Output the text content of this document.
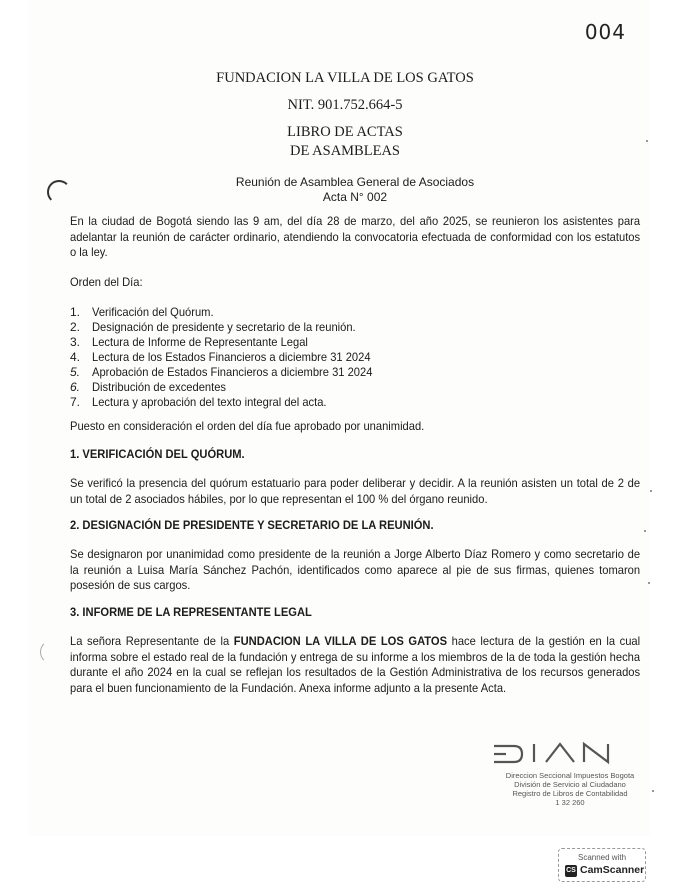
004
FUNDACION LA VILLA DE LOS GATOS
NIT. 901.752.664-5
LIBRO DE ACTAS
DE ASAMBLEAS
Reunión de Asamblea General de Asociados
Acta N° 002
En la ciudad de Bogotá siendo las 9 am, del día 28 de marzo, del año 2025, se reunieron los asistentes para adelantar la reunión de carácter ordinario, atendiendo la convocatoria efectuada de conformidad con los estatutos o la ley.
Orden del Día:
1. Verificación del Quórum.
2. Designación de presidente y secretario de la reunión.
3. Lectura de Informe de Representante Legal
4. Lectura de los Estados Financieros a diciembre 31 2024
5. Aprobación de Estados Financieros a diciembre 31 2024
6. Distribución de excedentes
7. Lectura y aprobación del texto integral del acta.
Puesto en consideración el orden del día fue aprobado por unanimidad.
1. VERIFICACIÓN DEL QUÓRUM.
Se verificó la presencia del quórum estatuario para poder deliberar y decidir. A la reunión asisten un total de 2 de un total de 2 asociados hábiles, por lo que representan el 100 % del órgano reunido.
2. DESIGNACIÓN DE PRESIDENTE Y SECRETARIO DE LA REUNIÓN.
Se designaron por unanimidad como presidente de la reunión a Jorge Alberto Díaz Romero y como secretario de la reunión a Luisa María Sánchez Pachón, identificados como aparece al pie de sus firmas, quienes tomaron posesión de sus cargos.
3. INFORME DE LA REPRESENTANTE LEGAL
La señora Representante de la FUNDACION LA VILLA DE LOS GATOS hace lectura de la gestión en la cual informa sobre el estado real de la fundación y entrega de su informe a los miembros de la de toda la gestión hecha durante el año 2024 en la cual se reflejan los resultados de la Gestión Administrativa de los recursos generados para el buen funcionamiento de la Fundación. Anexa informe adjunto a la presente Acta.
Direccion Seccional Impuestos Bogota
División de Servicio al Ciudadano
Registro de Libros de Contabilidad
1 32 260
Scanned with
CS CamScanner
